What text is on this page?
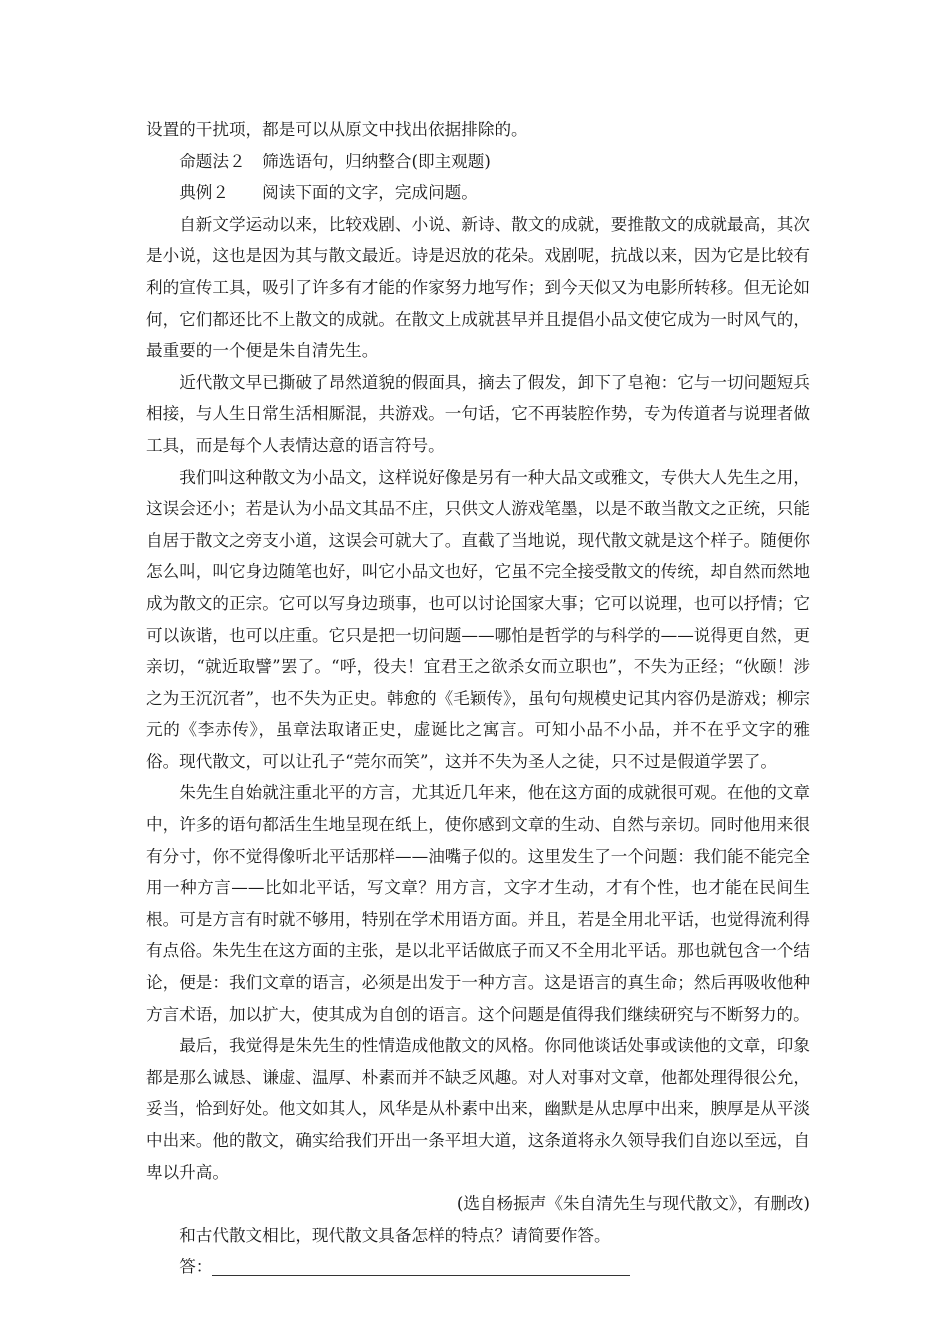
设置的干扰项，都是可以从原文中找出依据排除的。

命题法２　筛选语句，归纳整合(即主观题)

典例２　　阅读下面的文字，完成问题。

自新文学运动以来，比较戏剧、小说、新诗、散文的成就，要推散文的成就最高，其次是小说，这也是因为其与散文最近。诗是迟放的花朵。戏剧呢，抗战以来，因为它是比较有利的宣传工具，吸引了许多有才能的作家努力地写作；到今天似又为电影所转移。但无论如何，它们都还比不上散文的成就。在散文上成就甚早并且提倡小品文使它成为一时风气的，最重要的一个便是朱自清先生。

近代散文早已撕破了昂然道貌的假面具，摘去了假发，卸下了皂袍：它与一切问题短兵相接，与人生日常生活相厮混，共游戏。一句话，它不再装腔作势，专为传道者与说理者做工具，而是每个人表情达意的语言符号。

我们叫这种散文为小品文，这样说好像是另有一种大品文或雅文，专供大人先生之用，这误会还小；若是认为小品文其品不庄，只供文人游戏笔墨，以是不敢当散文之正统，只能自居于散文之旁支小道，这误会可就大了。直截了当地说，现代散文就是这个样子。随便你怎么叫，叫它身边随笔也好，叫它小品文也好，它虽不完全接受散文的传统，却自然而然地成为散文的正宗。它可以写身边琐事，也可以讨论国家大事；它可以说理，也可以抒情；它可以诙谐，也可以庄重。它只是把一切问题——哪怕是哲学的与科学的——说得更自然，更亲切，“就近取譬”罢了。“呼，役夫！宜君王之欲杀女而立职也”，不失为正经；“伙颐！涉之为王沉沉者”，也不失为正史。韩愈的《毛颖传》，虽句句规模史记其内容仍是游戏；柳宗元的《李赤传》，虽章法取诸正史，虚诞比之寓言。可知小品不小品，并不在乎文字的雅俗。现代散文，可以让孔子“莞尔而笑”，这并不失为圣人之徒，只不过是假道学罢了。

朱先生自始就注重北平的方言，尤其近几年来，他在这方面的成就很可观。在他的文章中，许多的语句都活生生地呈现在纸上，使你感到文章的生动、自然与亲切。同时他用来很有分寸，你不觉得像听北平话那样——油嘴子似的。这里发生了一个问题：我们能不能完全用一种方言——比如北平话，写文章？用方言，文字才生动，才有个性，也才能在民间生根。可是方言有时就不够用，特别在学术用语方面。并且，若是全用北平话，也觉得流利得有点俗。朱先生在这方面的主张，是以北平话做底子而又不全用北平话。那也就包含一个结论，便是：我们文章的语言，必须是出发于一种方言。这是语言的真生命；然后再吸收他种方言术语，加以扩大，使其成为自创的语言。这个问题是值得我们继续研究与不断努力的。

最后，我觉得是朱先生的性情造成他散文的风格。你同他谈话处事或读他的文章，印象都是那么诚恳、谦虚、温厚、朴素而并不缺乏风趣。对人对事对文章，他都处理得很公允，妥当，恰到好处。他文如其人，风华是从朴素中出来，幽默是从忠厚中出来，腴厚是从平淡中出来。他的散文，确实给我们开出一条平坦大道，这条道将永久领导我们自迩以至远，自卑以升高。

(选自杨振声《朱自清先生与现代散文》，有删改)

和古代散文相比，现代散文具备怎样的特点？请简要作答。

答：
